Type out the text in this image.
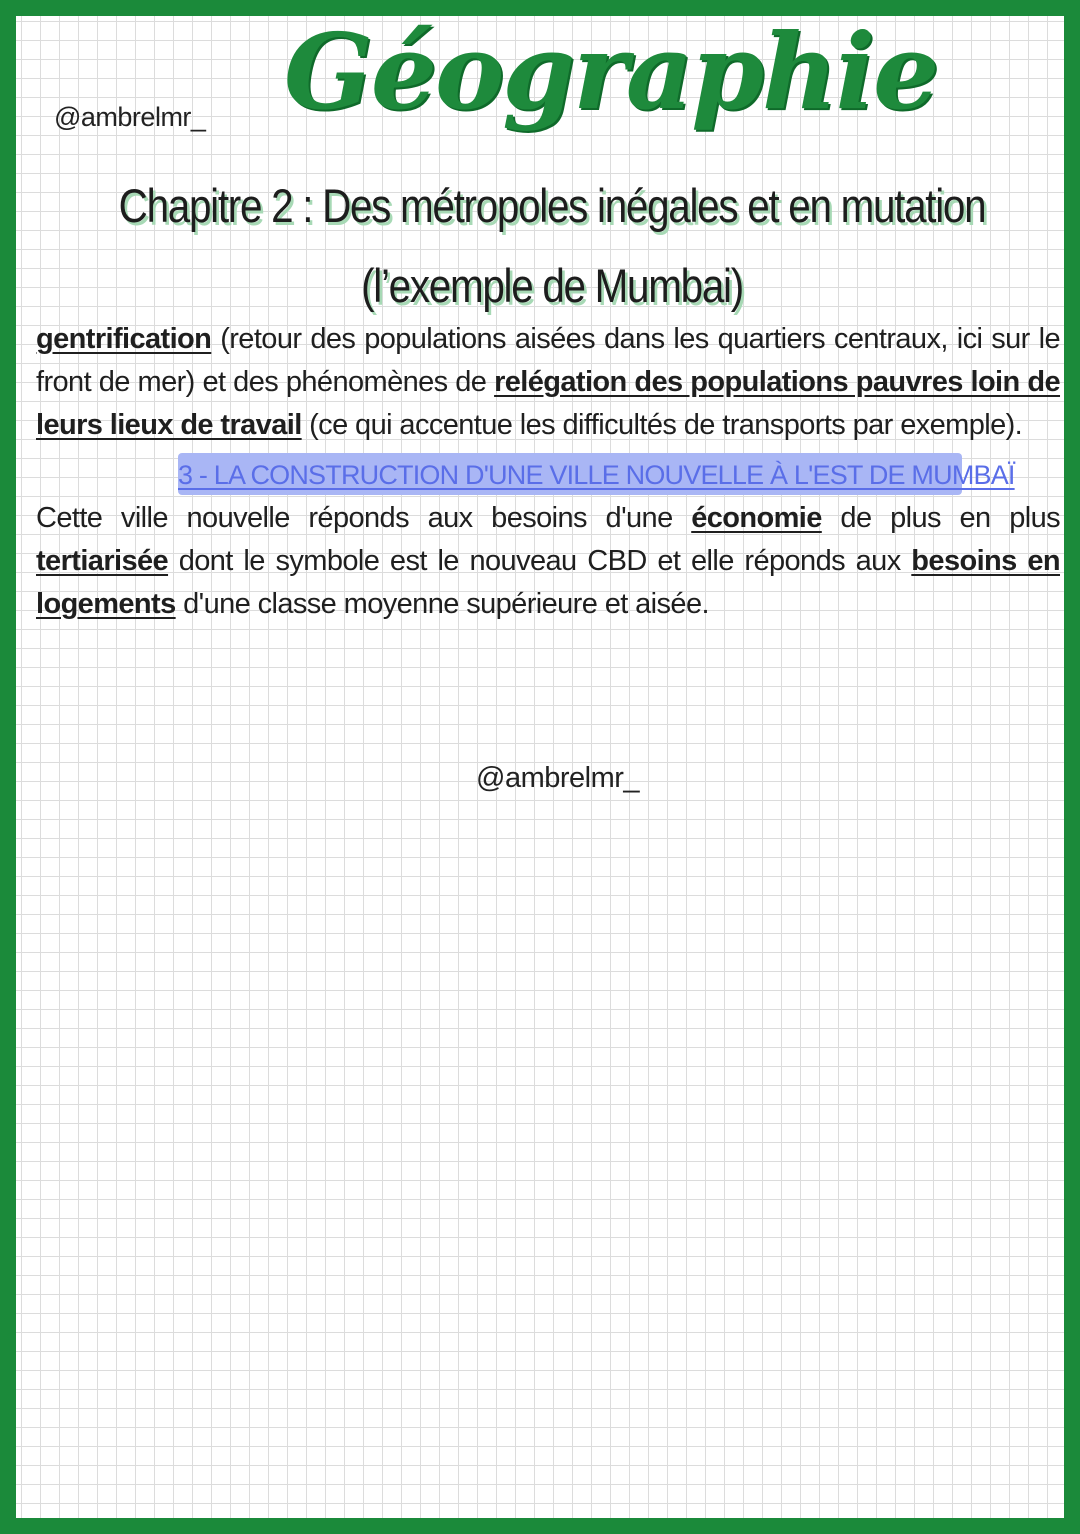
@ambrelmr_ Géographie
Chapitre 2 : Des métropoles inégales et en mutation (l’exemple de Mumbai)
gentrification (retour des populations aisées dans les quartiers centraux, ici sur le front de mer) et des phénomènes de relégation des populations pauvres loin de leurs lieux de travail (ce qui accentue les difficultés de transports par exemple).
3 - LA CONSTRUCTION D'UNE VILLE NOUVELLE À L'EST DE MUMBAÏ
Cette ville nouvelle réponds aux besoins d'une économie de plus en plus tertiarisée dont le symbole est le nouveau CBD et elle réponds aux besoins en logements d'une classe moyenne supérieure et aisée.
@ambrelmr_
